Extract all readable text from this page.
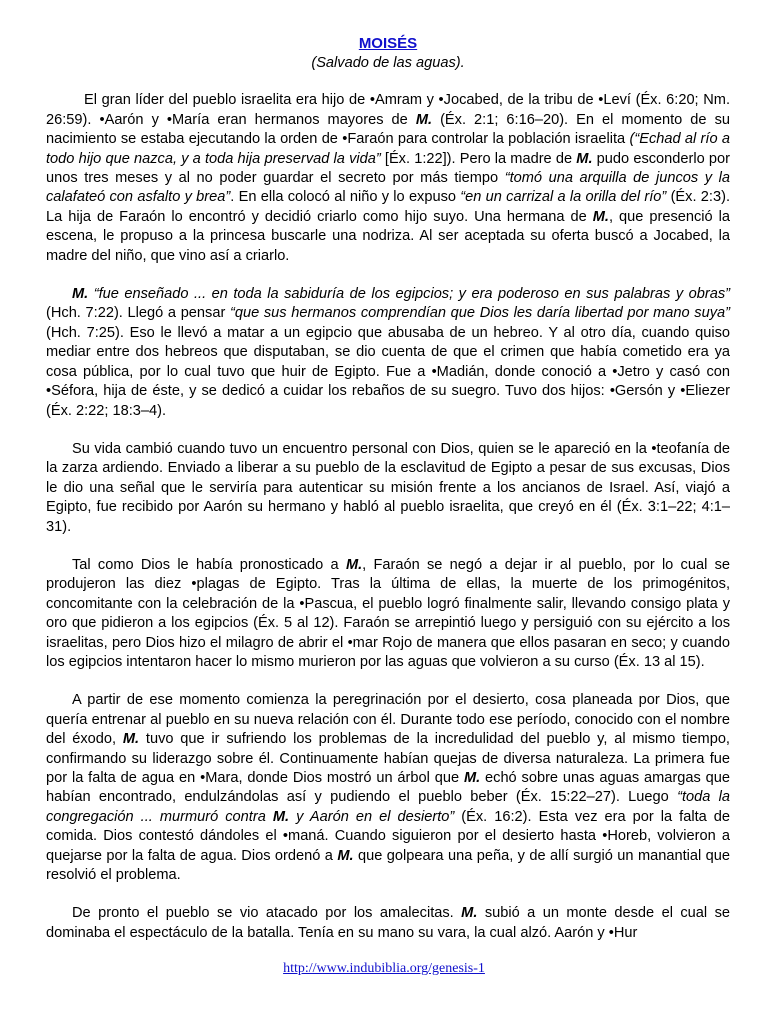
MOISÉS

(Salvado de las aguas).

El gran líder del pueblo israelita era hijo de •Amram y •Jocabed, de la tribu de •Leví (Éx. 6:20; Nm. 26:59). •Aarón y •María eran hermanos mayores de M. (Éx. 2:1; 6:16–20). En el momento de su nacimiento se estaba ejecutando la orden de •Faraón para controlar la población israelita (“Echad al río a todo hijo que nazca, y a toda hija preservad la vida” [Éx. 1:22]). Pero la madre de M. pudo esconderlo por unos tres meses y al no poder guardar el secreto por más tiempo “tomó una arquilla de juncos y la calafateó con asfalto y brea”. En ella colocó al niño y lo expuso “en un carrizal a la orilla del río” (Éx. 2:3). La hija de Faraón lo encontró y decidió criarlo como hijo suyo. Una hermana de M., que presenció la escena, le propuso a la princesa buscarle una nodriza. Al ser aceptada su oferta buscó a Jocabed, la madre del niño, que vino así a criarlo.

M. “fue enseñado ... en toda la sabiduría de los egipcios; y era poderoso en sus palabras y obras” (Hch. 7:22). Llegó a pensar “que sus hermanos comprendían que Dios les daría libertad por mano suya” (Hch. 7:25). Eso le llevó a matar a un egipcio que abusaba de un hebreo. Y al otro día, cuando quiso mediar entre dos hebreos que disputaban, se dio cuenta de que el crimen que había cometido era ya cosa pública, por lo cual tuvo que huir de Egipto. Fue a •Madián, donde conoció a •Jetro y casó con •Séfora, hija de éste, y se dedicó a cuidar los rebaños de su suegro. Tuvo dos hijos: •Gersón y •Eliezer (Éx. 2:22; 18:3–4).

Su vida cambió cuando tuvo un encuentro personal con Dios, quien se le apareció en la •teofanía de la zarza ardiendo. Enviado a liberar a su pueblo de la esclavitud de Egipto a pesar de sus excusas, Dios le dio una señal que le serviría para autenticar su misión frente a los ancianos de Israel. Así, viajó a Egipto, fue recibido por Aarón su hermano y habló al pueblo israelita, que creyó en él (Éx. 3:1–22; 4:1–31).

Tal como Dios le había pronosticado a M., Faraón se negó a dejar ir al pueblo, por lo cual se produjeron las diez •plagas de Egipto. Tras la última de ellas, la muerte de los primogénitos, concomitante con la celebración de la •Pascua, el pueblo logró finalmente salir, llevando consigo plata y oro que pidieron a los egipcios (Éx. 5 al 12). Faraón se arrepintió luego y persiguió con su ejército a los israelitas, pero Dios hizo el milagro de abrir el •mar Rojo de manera que ellos pasaran en seco; y cuando los egipcios intentaron hacer lo mismo murieron por las aguas que volvieron a su curso (Éx. 13 al 15).

A partir de ese momento comienza la peregrinación por el desierto, cosa planeada por Dios, que quería entrenar al pueblo en su nueva relación con él. Durante todo ese período, conocido con el nombre del éxodo, M. tuvo que ir sufriendo los problemas de la incredulidad del pueblo y, al mismo tiempo, confirmando su liderazgo sobre él. Continuamente habían quejas de diversa naturaleza. La primera fue por la falta de agua en •Mara, donde Dios mostró un árbol que M. echó sobre unas aguas amargas que habían encontrado, endulzándolas así y pudiendo el pueblo beber (Éx. 15:22–27). Luego “toda la congregación ... murmuró contra M. y Aarón en el desierto” (Éx. 16:2). Esta vez era por la falta de comida. Dios contestó dándoles el •maná. Cuando siguieron por el desierto hasta •Horeb, volvieron a quejarse por la falta de agua. Dios ordenó a M. que golpeara una peña, y de allí surgió un manantial que resolvió el problema.

De pronto el pueblo se vio atacado por los amalecitas. M. subió a un monte desde el cual se dominaba el espectáculo de la batalla. Tenía en su mano su vara, la cual alzó. Aarón y •Hur

http://www.indubiblia.org/genesis-1
